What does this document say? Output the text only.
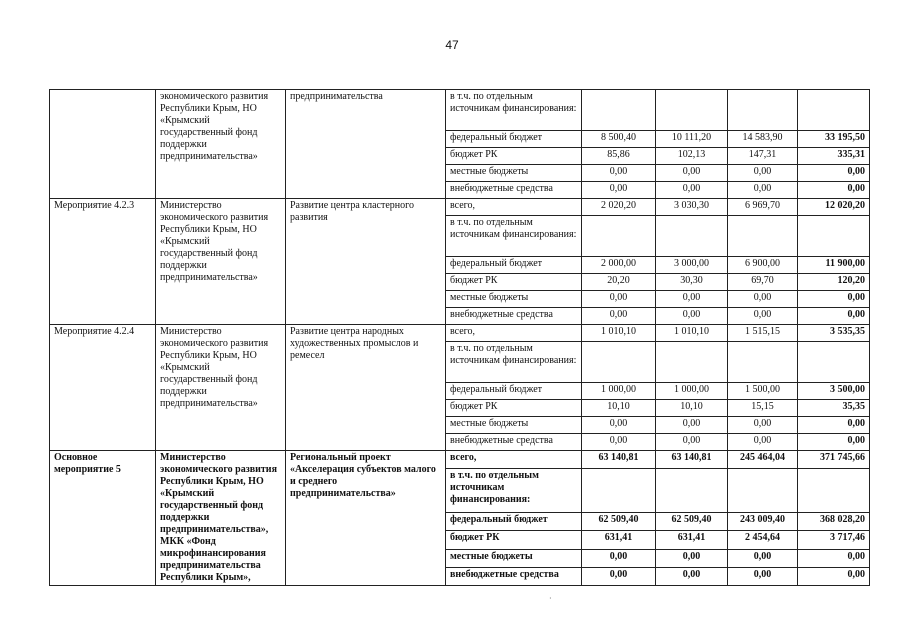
47
	экономического развития Республики Крым, НО «Крымский государственный фонд поддержки предпринимательства»	предпринимательства	в т.ч. по отдельным источникам финансирования:				
			федеральный бюджет	8 500,40	10 111,20	14 583,90	33 195,50
			бюджет РК	85,86	102,13	147,31	335,31
			местные бюджеты	0,00	0,00	0,00	0,00
			внебюджетные средства	0,00	0,00	0,00	0,00
Мероприятие 4.2.3	Министерство экономического развития Республики Крым, НО «Крымский государственный фонд поддержки предпринимательства»	Развитие центра кластерного развития	всего,	2 020,20	3 030,30	6 969,70	12 020,20
			в т.ч. по отдельным источникам финансирования:				
			федеральный бюджет	2 000,00	3 000,00	6 900,00	11 900,00
			бюджет РК	20,20	30,30	69,70	120,20
			местные бюджеты	0,00	0,00	0,00	0,00
			внебюджетные средства	0,00	0,00	0,00	0,00
Мероприятие 4.2.4	Министерство экономического развития Республики Крым, НО «Крымский государственный фонд поддержки предпринимательства»	Развитие центра народных художественных промыслов и ремесел	всего,	1 010,10	1 010,10	1 515,15	3 535,35
			в т.ч. по отдельным источникам финансирования:				
			федеральный бюджет	1 000,00	1 000,00	1 500,00	3 500,00
			бюджет РК	10,10	10,10	15,15	35,35
			местные бюджеты	0,00	0,00	0,00	0,00
			внебюджетные средства	0,00	0,00	0,00	0,00
Основное мероприятие 5	Министерство экономического развития Республики Крым, НО «Крымский государственный фонд поддержки предпринимательства», МКК «Фонд микрофинансирования предпринимательства Республики Крым»,	Региональный проект «Акселерация субъектов малого и среднего предпринимательства»	всего,	63 140,81	63 140,81	245 464,04	371 745,66
			в т.ч. по отдельным источникам финансирования:				
			федеральный бюджет	62 509,40	62 509,40	243 009,40	368 028,20
			бюджет РК	631,41	631,41	2 454,64	3 717,46
			местные бюджеты	0,00	0,00	0,00	0,00
			внебюджетные средства	0,00	0,00	0,00	0,00
·
